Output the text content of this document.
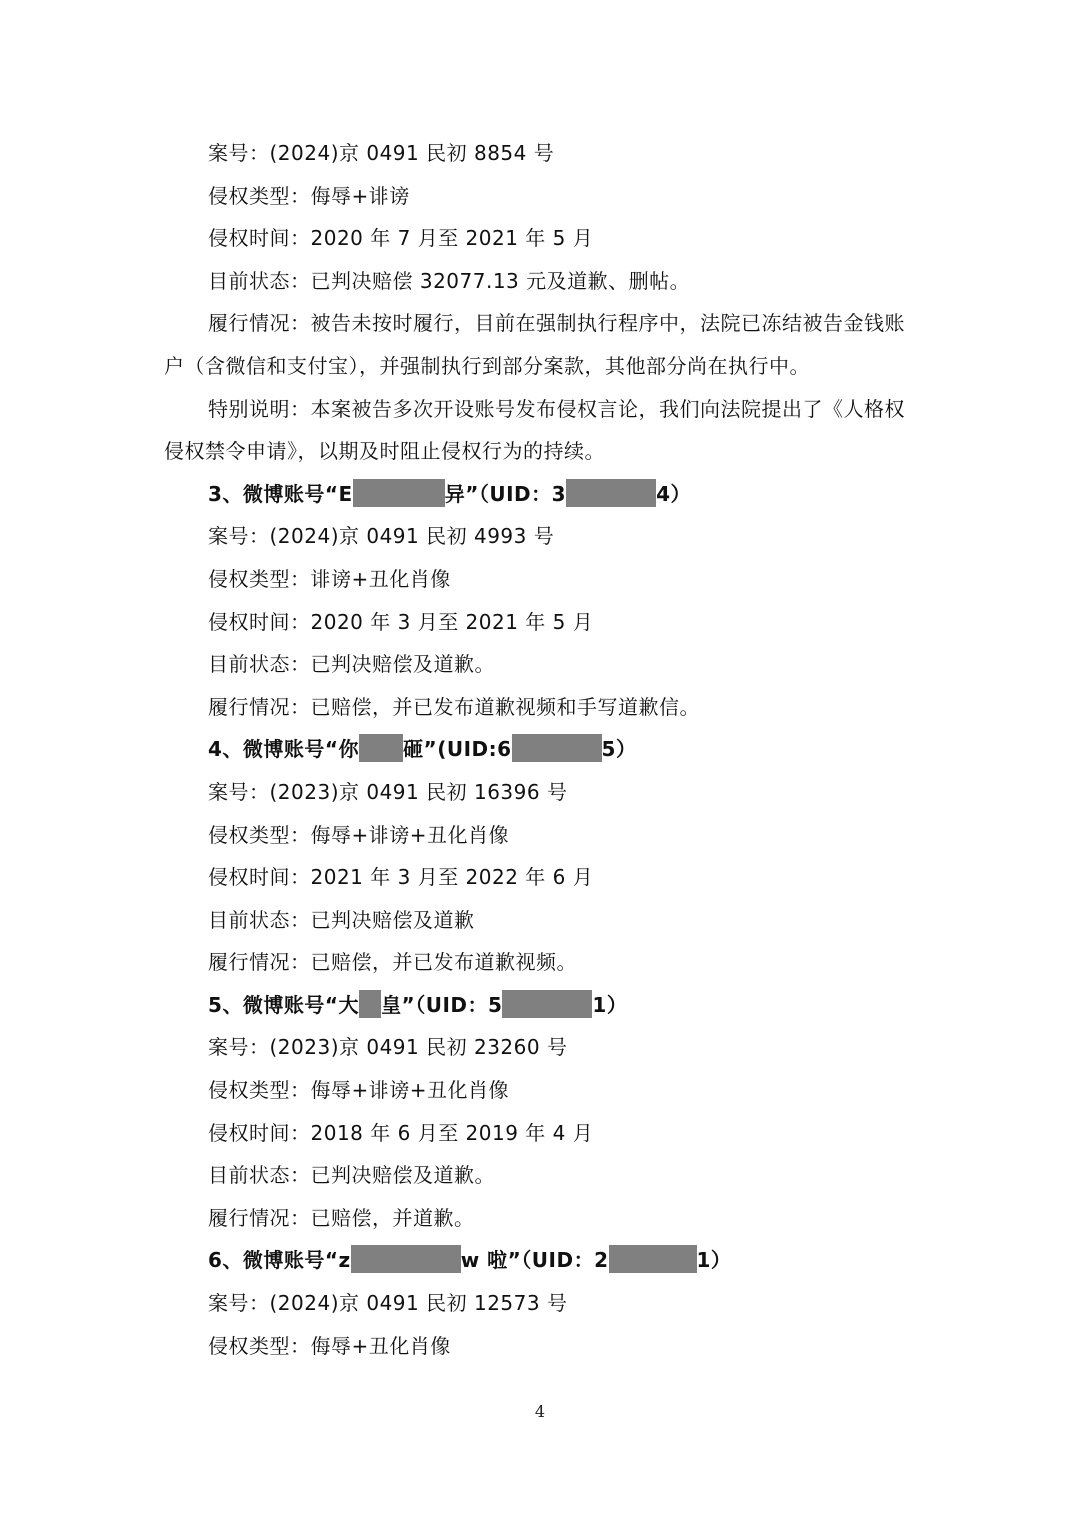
案号：(2024)京 0491 民初 8854 号
侵权类型：侮辱+诽谤
侵权时间：2020 年 7 月至 2021 年 5 月
目前状态：已判决赔偿 32077.13 元及道歉、删帖。
履行情况：被告未按时履行，目前在强制执行程序中，法院已冻结被告金钱账户（含微信和支付宝），并强制执行到部分案款，其他部分尚在执行中。
特别说明：本案被告多次开设账号发布侵权言论，我们向法院提出了《人格权侵权禁令申请》，以期及时阻止侵权行为的持续。
3、微博账号“E	异”（UID：3	4）
案号：(2024)京 0491 民初 4993 号
侵权类型：诽谤+丑化肖像
侵权时间：2020 年 3 月至 2021 年 5 月
目前状态：已判决赔偿及道歉。
履行情况：已赔偿，并已发布道歉视频和手写道歉信。
4、微博账号“你 砸”(UID:6	5）
案号：(2023)京 0491 民初 16396 号
侵权类型：侮辱+诽谤+丑化肖像
侵权时间：2021 年 3 月至 2022 年 6 月
目前状态：已判决赔偿及道歉
履行情况：已赔偿，并已发布道歉视频。
5、微博账号“大 皇”（UID：5	1）
案号：(2023)京 0491 民初 23260 号
侵权类型：侮辱+诽谤+丑化肖像
侵权时间：2018 年 6 月至 2019 年 4 月
目前状态：已判决赔偿及道歉。
履行情况：已赔偿，并道歉。
6、微博账号“z	w 啦”（UID：2	1）
案号：(2024)京 0491 民初 12573 号
侵权类型：侮辱+丑化肖像
4
